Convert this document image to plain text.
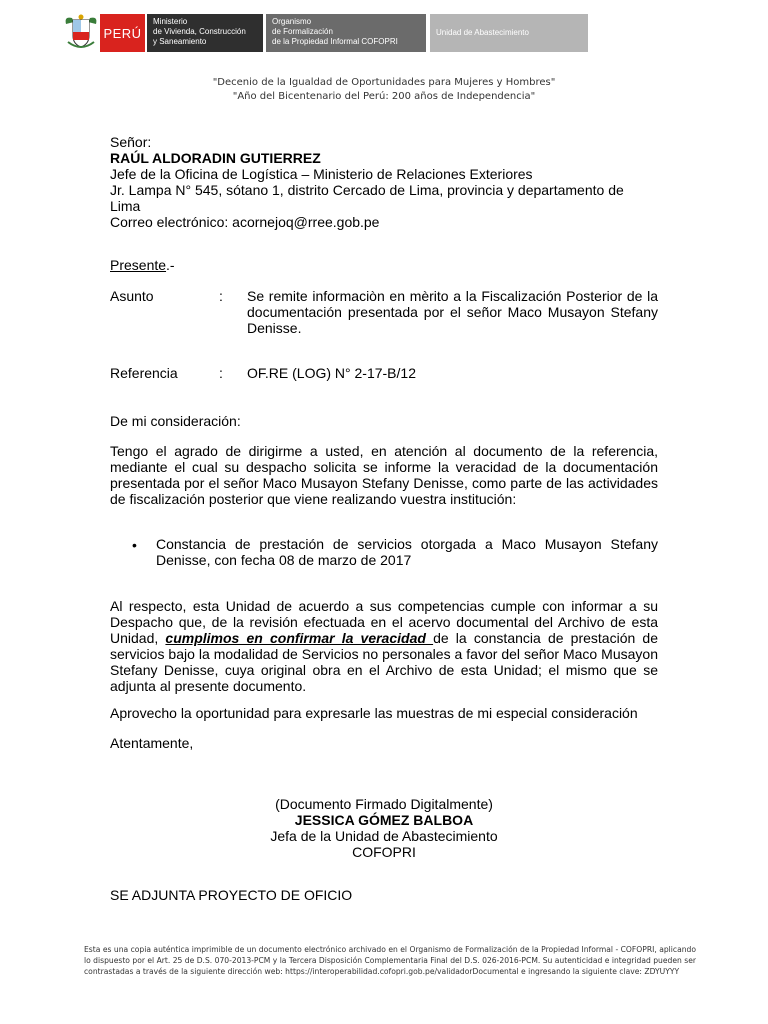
PERÚ
Ministerio
de Vivienda, Construcción
y Saneamiento
Organismo
de Formalización
de la Propiedad Informal COFOPRI
Unidad de Abastecimiento
"Decenio de la Igualdad de Oportunidades para Mujeres y Hombres"
"Año del Bicentenario del Perú: 200 años de Independencia"
Señor:
RAÚL ALDORADIN GUTIERREZ
Jefe de la Oficina de Logística – Ministerio de Relaciones Exteriores
Jr. Lampa N° 545, sótano 1, distrito Cercado de Lima, provincia y departamento de
Lima
Correo electrónico: acornejoq@rree.gob.pe
Presente.-
Asunto	: Se remite informaciòn en mèrito a la Fiscalización Posterior de la documentación presentada por el señor Maco Musayon Stefany Denisse.
Referencia	: OF.RE (LOG) N° 2-17-B/12
De mi consideración:
Tengo el agrado de dirigirme a usted, en atención al documento de la referencia, mediante el cual su despacho solicita se informe la veracidad de la documentación presentada por el señor Maco Musayon Stefany Denisse, como parte de las actividades de fiscalización posterior que viene realizando vuestra institución:
• Constancia de prestación de servicios otorgada a Maco Musayon Stefany Denisse, con fecha 08 de marzo de 2017
Al respecto, esta Unidad de acuerdo a sus competencias cumple con informar a su Despacho que, de la revisión efectuada en el acervo documental del Archivo de esta Unidad, cumplimos en confirmar la veracidad de la constancia de prestación de servicios bajo la modalidad de Servicios no personales a favor del señor Maco Musayon Stefany Denisse, cuya original obra en el Archivo de esta Unidad; el mismo que se adjunta al presente documento.
Aprovecho la oportunidad para expresarle las muestras de mi especial consideración
Atentamente,
(Documento Firmado Digitalmente)
JESSICA GÓMEZ BALBOA
Jefa de la Unidad de Abastecimiento
COFOPRI
SE ADJUNTA PROYECTO DE OFICIO
Esta es una copia auténtica imprimible de un documento electrónico archivado en el Organismo de Formalización de la Propiedad Informal - COFOPRI, aplicando lo dispuesto por el Art. 25 de D.S. 070-2013-PCM y la Tercera Disposición Complementaria Final del D.S. 026-2016-PCM. Su autenticidad e integridad pueden ser contrastadas a través de la siguiente dirección web: https://interoperabilidad.cofopri.gob.pe/validadorDocumental e ingresando la siguiente clave: ZDYUYYY
